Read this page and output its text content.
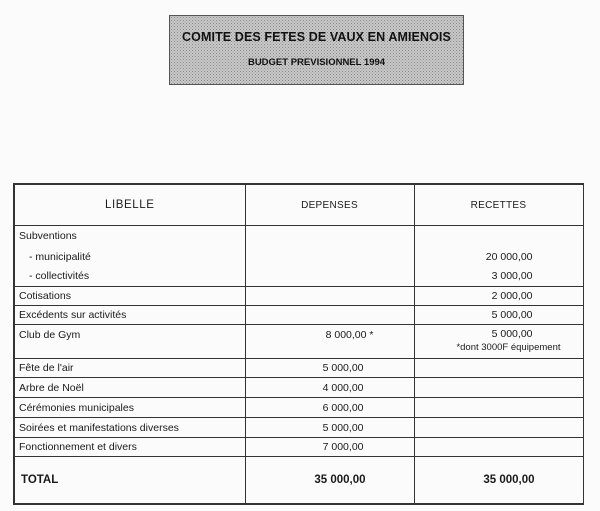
COMITE DES FETES DE VAUX EN AMIENOIS
BUDGET PREVISIONNEL 1994
LIBELLE	DEPENSES	RECETTES
Subventions		
- municipalité		20 000,00
- collectivités		3 000,00
Cotisations		2 000,00
Excédents sur activités		5 000,00
Club de Gym	8 000,00 *	5 000,00
*dont 3000F équipement

Fête de l'air	5 000,00	
Arbre de Noël	4 000,00	
Cérémonies municipales	6 000,00	
Soirées et manifestations diverses	5 000,00	
Fonctionnement et divers	7 000,00	
TOTAL	35 000,00	35 000,00
